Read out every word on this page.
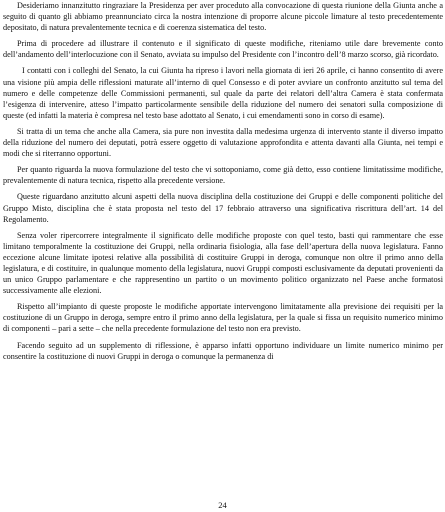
Desideriamo innanzitutto ringraziare la Presidenza per aver proceduto alla convocazione di questa riunione della Giunta anche a seguito di quanto gli abbiamo preannunciato circa la nostra intenzione di proporre alcune piccole limature al testo precedentemente depositato, di natura prevalentemente tecnica e di coerenza sistematica del testo.

Prima di procedere ad illustrare il contenuto e il significato di queste modifiche, riteniamo utile dare brevemente conto dell’andamento dell’interlocuzione con il Senato, avviata su impulso del Presidente con l’incontro dell’8 marzo scorso, già ricordato.

I contatti con i colleghi del Senato, la cui Giunta ha ripreso i lavori nella giornata di ieri 26 aprile, ci hanno consentito di avere una visione più ampia delle riflessioni maturate all’interno di quel Consesso e di poter avviare un confronto anzitutto sul tema del numero e delle competenze delle Commissioni permanenti, sul quale da parte dei relatori dell’altra Camera è stata confermata l’esigenza di intervenire, atteso l’impatto particolarmente sensibile della riduzione del numero dei senatori sulla composizione di queste (ed infatti la materia è compresa nel testo base adottato al Senato, i cui emendamenti sono in corso di esame).

Si tratta di un tema che anche alla Camera, sia pure non investita dalla medesima urgenza di intervento stante il diverso impatto della riduzione del numero dei deputati, potrà essere oggetto di valutazione approfondita e attenta davanti alla Giunta, nei tempi e modi che si riterranno opportuni.

Per quanto riguarda la nuova formulazione del testo che vi sottoponiamo, come già detto, esso contiene limitatissime modifiche, prevalentemente di natura tecnica, rispetto alla precedente versione.

Queste riguardano anzitutto alcuni aspetti della nuova disciplina della costituzione dei Gruppi e delle componenti politiche del Gruppo Misto, disciplina che è stata proposta nel testo del 17 febbraio attraverso una significativa riscrittura dell’art. 14 del Regolamento.

Senza voler ripercorrere integralmente il significato delle modifiche proposte con quel testo, basti qui rammentare che esse limitano temporalmente la costituzione dei Gruppi, nella ordinaria fisiologia, alla fase dell’apertura della nuova legislatura. Fanno eccezione alcune limitate ipotesi relative alla possibilità di costituire Gruppi in deroga, comunque non oltre il primo anno della legislatura, e di costituire, in qualunque momento della legislatura, nuovi Gruppi composti esclusivamente da deputati provenienti da un unico Gruppo parlamentare e che rappresentino un partito o un movimento politico organizzato nel Paese anche formatosi successivamente alle elezioni.

Rispetto all’impianto di queste proposte le modifiche apportate intervengono limitatamente alla previsione dei requisiti per la costituzione di un Gruppo in deroga, sempre entro il primo anno della legislatura, per la quale si fissa un requisito numerico minimo di componenti – pari a sette – che nella precedente formulazione del testo non era previsto.

Facendo seguito ad un supplemento di riflessione, è apparso infatti opportuno individuare un limite numerico minimo per consentire la costituzione di nuovi Gruppi in deroga o comunque la permanenza di

24
